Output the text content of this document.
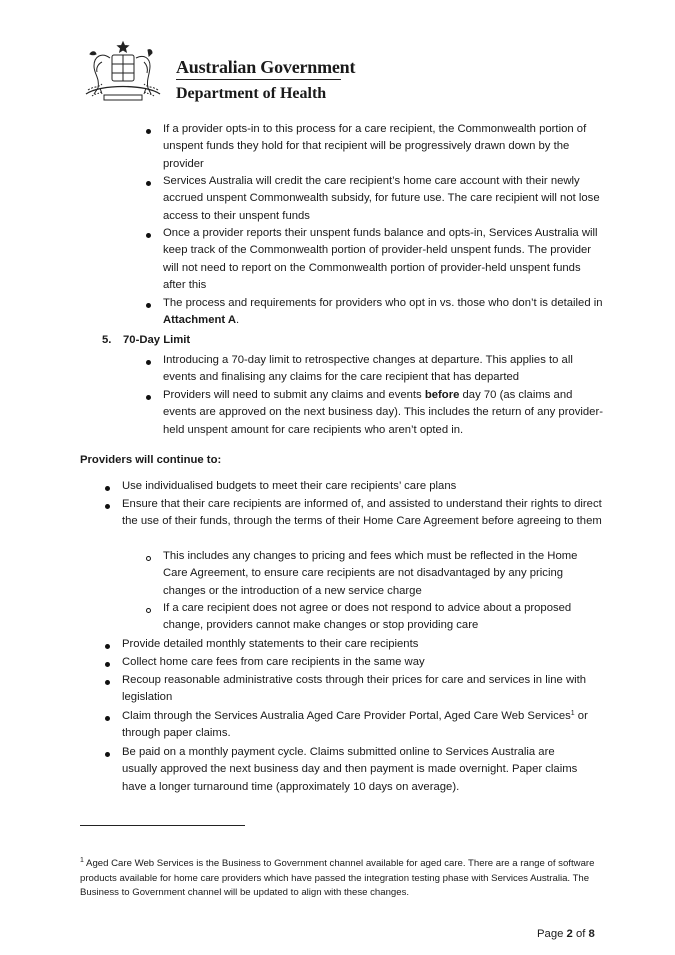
Australian Government
Department of Health
If a provider opts-in to this process for a care recipient, the Commonwealth portion of unspent funds they hold for that recipient will be progressively drawn down by the provider
Services Australia will credit the care recipient’s home care account with their newly accrued unspent Commonwealth subsidy, for future use. The care recipient will not lose access to their unspent funds
Once a provider reports their unspent funds balance and opts-in, Services Australia will keep track of the Commonwealth portion of provider-held unspent funds. The provider will not need to report on the Commonwealth portion of provider-held unspent funds after this
The process and requirements for providers who opt in vs. those who don’t is detailed in Attachment A.
5. 70-Day Limit
Introducing a 70-day limit to retrospective changes at departure. This applies to all events and finalising any claims for the care recipient that has departed
Providers will need to submit any claims and events before day 70 (as claims and events are approved on the next business day). This includes the return of any provider-held unspent amount for care recipients who aren’t opted in.
Providers will continue to:
Use individualised budgets to meet their care recipients’ care plans
Ensure that their care recipients are informed of, and assisted to understand their rights to direct the use of their funds, through the terms of their Home Care Agreement before agreeing to them
This includes any changes to pricing and fees which must be reflected in the Home Care Agreement, to ensure care recipients are not disadvantaged by any pricing changes or the introduction of a new service charge
If a care recipient does not agree or does not respond to advice about a proposed change, providers cannot make changes or stop providing care
Provide detailed monthly statements to their care recipients
Collect home care fees from care recipients in the same way
Recoup reasonable administrative costs through their prices for care and services in line with legislation
Claim through the Services Australia Aged Care Provider Portal, Aged Care Web Services$^1$ or through paper claims.
Be paid on a monthly payment cycle. Claims submitted online to Services Australia are usually approved the next business day and then payment is made overnight. Paper claims have a longer turnaround time (approximately 10 days on average).
$^1$ Aged Care Web Services is the Business to Government channel available for aged care. There are a range of software products available for home care providers which have passed the integration testing phase with Services Australia. The Business to Government channel will be updated to align with these changes.
Page 2 of 8
